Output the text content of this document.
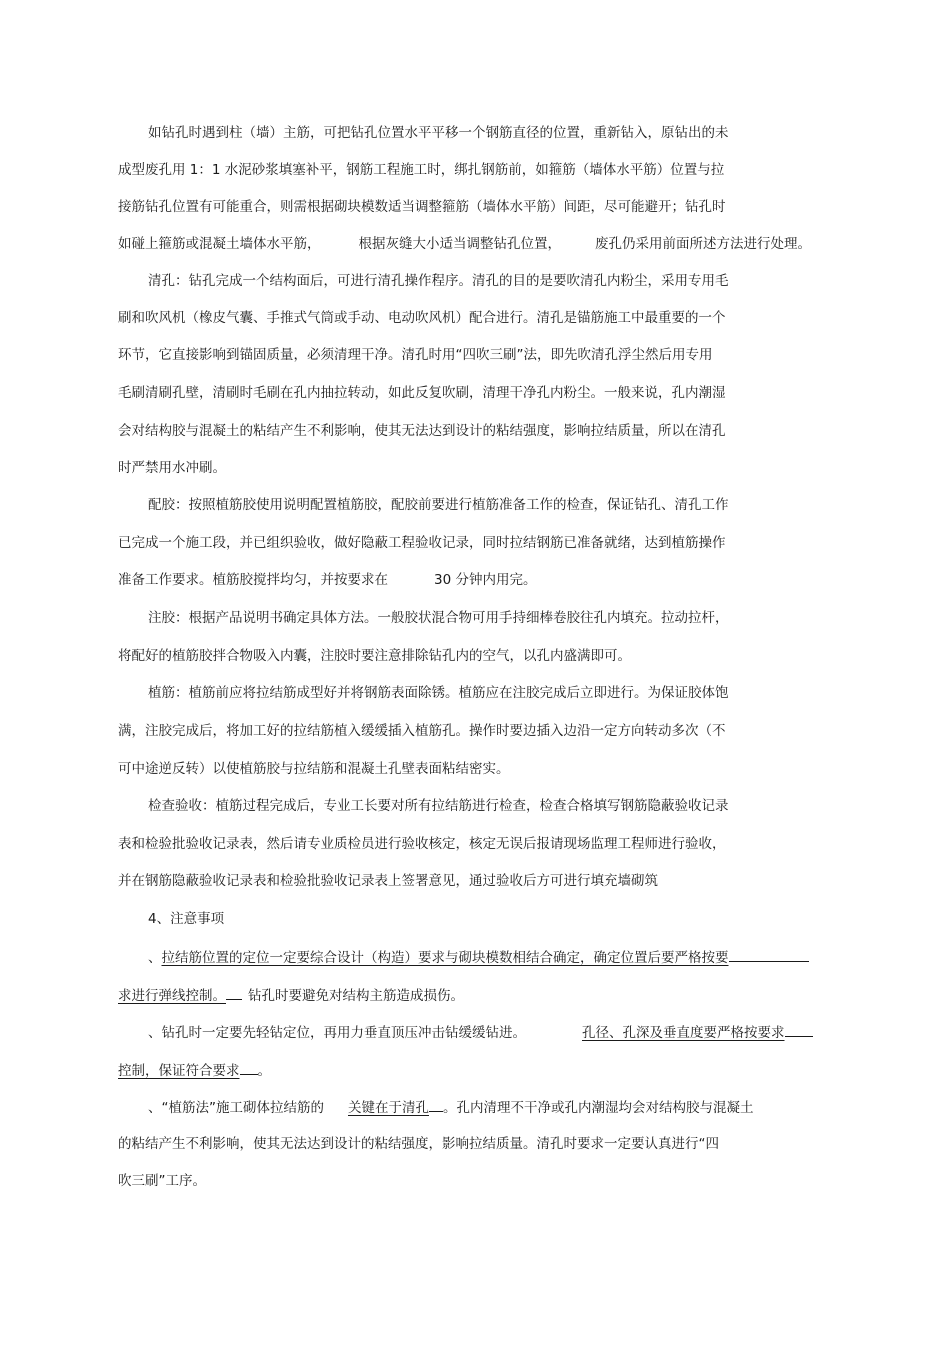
如钻孔时遇到柱（墙）主筋，可把钻孔位置水平平移一个钢筋直径的位置，重新钻入，原钻出的未
成型废孔用 1：1 水泥砂浆填塞补平，钢筋工程施工时，绑扎钢筋前，如箍筋（墙体水平筋）位置与拉
接筋钻孔位置有可能重合，则需根据砌块模数适当调整箍筋（墙体水平筋）间距，尽可能避开；钻孔时
如碰上箍筋或混凝土墙体水平筋，	根据灰缝大小适当调整钻孔位置，	废孔仍采用前面所述方法进行处理。
清孔：钻孔完成一个结构面后，可进行清孔操作程序。清孔的目的是要吹清孔内粉尘，采用专用毛
刷和吹风机（橡皮气囊、手推式气筒或手动、电动吹风机）配合进行。清孔是锚筋施工中最重要的一个
环节，它直接影响到锚固质量，必须清理干净。清孔时用“四吹三刷”法，即先吹清孔浮尘然后用专用
毛刷清刷孔壁，清刷时毛刷在孔内抽拉转动，如此反复吹刷，清理干净孔内粉尘。一般来说，孔内潮湿
会对结构胶与混凝土的粘结产生不利影响，使其无法达到设计的粘结强度，影响拉结质量，所以在清孔
时严禁用水冲刷。
配胶：按照植筋胶使用说明配置植筋胶，配胶前要进行植筋准备工作的检查，保证钻孔、清孔工作
已完成一个施工段，并已组织验收，做好隐蔽工程验收记录，同时拉结钢筋已准备就绪，达到植筋操作
准备工作要求。植筋胶搅拌均匀，并按要求在	30 分钟内用完。
注胶：根据产品说明书确定具体方法。一般胶状混合物可用手持细棒卷胶往孔内填充。拉动拉杆，
将配好的植筋胶拌合物吸入内囊，注胶时要注意排除钻孔内的空气，以孔内盛满即可。
植筋：植筋前应将拉结筋成型好并将钢筋表面除锈。植筋应在注胶完成后立即进行。为保证胶体饱
满，注胶完成后，将加工好的拉结筋植入缓缓插入植筋孔。操作时要边插入边沿一定方向转动多次（不
可中途逆反转）以使植筋胶与拉结筋和混凝土孔壁表面粘结密实。
检查验收：植筋过程完成后，专业工长要对所有拉结筋进行检查，检查合格填写钢筋隐蔽验收记录
表和检验批验收记录表，然后请专业质检员进行验收核定，核定无误后报请现场监理工程师进行验收，
并在钢筋隐蔽验收记录表和检验批验收记录表上签署意见，通过验收后方可进行填充墙砌筑
4、注意事项
、拉结筋位置的定位一定要综合设计（构造）要求与砌块模数相结合确定，确定位置后要严格按要
求进行弹线控制。 钻孔时要避免对结构主筋造成损伤。
、钻孔时一定要先轻钻定位，再用力垂直顶压冲击钻缓缓钻进。	孔径、孔深及垂直度要严格按要求
控制，保证符合要求 。
、“植筋法”施工砌体拉结筋的 关键在于清孔 。孔内清理不干净或孔内潮湿均会对结构胶与混凝土
的粘结产生不利影响，使其无法达到设计的粘结强度，影响拉结质量。清孔时要求一定要认真进行“四
吹三刷”工序。
